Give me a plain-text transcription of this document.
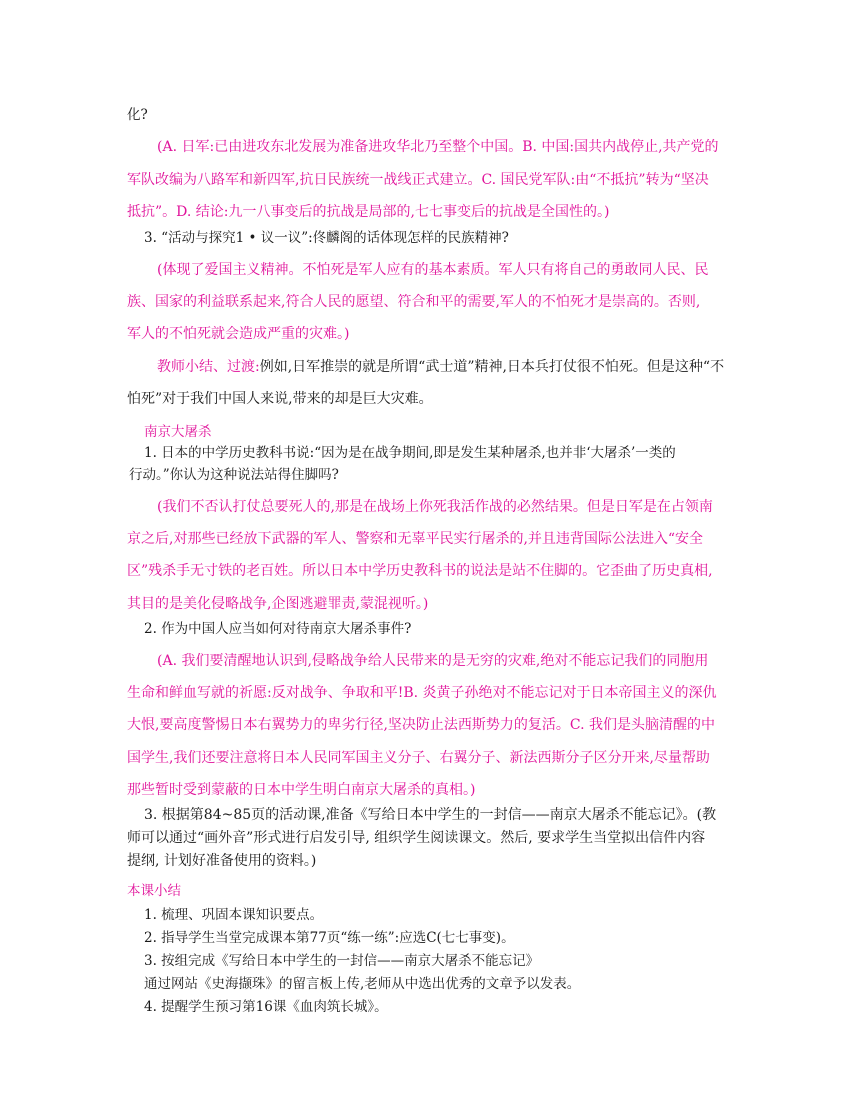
化?
(A. 日军:已由进攻东北发展为准备进攻华北乃至整个中国。B. 中国:国共内战停止,共产党的
军队改编为八路军和新四军,抗日民族统一战线正式建立。C. 国民党军队:由“不抵抗”转为“坚决
抵抗”。D. 结论:九一八事变后的抗战是局部的,七七事变后的抗战是全国性的。)
3. “活动与探究1 • 议一议”:佟麟阁的话体现怎样的民族精神?
(体现了爱国主义精神。不怕死是军人应有的基本素质。军人只有将自己的勇敢同人民、民
族、国家的利益联系起来,符合人民的愿望、符合和平的需要,军人的不怕死才是崇高的。否则,
军人的不怕死就会造成严重的灾难。)
教师小结、过渡:例如,日军推崇的就是所谓“武士道”精神,日本兵打仗很不怕死。但是这种“不
怕死”对于我们中国人来说,带来的却是巨大灾难。
南京大屠杀
1. 日本的中学历史教科书说:“因为是在战争期间,即是发生某种屠杀,也并非‘大屠杀’一类的
行动。”你认为这种说法站得住脚吗?
(我们不否认打仗总要死人的,那是在战场上你死我活作战的必然结果。但是日军是在占领南
京之后,对那些已经放下武器的军人、警察和无辜平民实行屠杀的,并且违背国际公法进入“安全
区”残杀手无寸铁的老百姓。所以日本中学历史教科书的说法是站不住脚的。它歪曲了历史真相,
其目的是美化侵略战争,企图逃避罪责,蒙混视听。)
2. 作为中国人应当如何对待南京大屠杀事件?
(A. 我们要清醒地认识到,侵略战争给人民带来的是无穷的灾难,绝对不能忘记我们的同胞用
生命和鲜血写就的祈愿:反对战争、争取和平!B. 炎黄子孙绝对不能忘记对于日本帝国主义的深仇
大恨,要高度警惕日本右翼势力的卑劣行径,坚决防止法西斯势力的复活。C. 我们是头脑清醒的中
国学生,我们还要注意将日本人民同军国主义分子、右翼分子、新法西斯分子区分开来,尽量帮助
那些暂时受到蒙蔽的日本中学生明白南京大屠杀的真相。)
3. 根据第84~85页的活动课,准备《写给日本中学生的一封信——南京大屠杀不能忘记》。(教
师可以通过“画外音”形式进行启发引导, 组织学生阅读课文。然后, 要求学生当堂拟出信件内容
提纲, 计划好准备使用的资料。)
本课小结
1. 梳理、巩固本课知识要点。
2. 指导学生当堂完成课本第77页“练一练”:应选C(七七事变)。
3. 按组完成《写给日本中学生的一封信——南京大屠杀不能忘记》
通过网站《史海撷珠》的留言板上传,老师从中选出优秀的文章予以发表。
4. 提醒学生预习第16课《血肉筑长城》。
